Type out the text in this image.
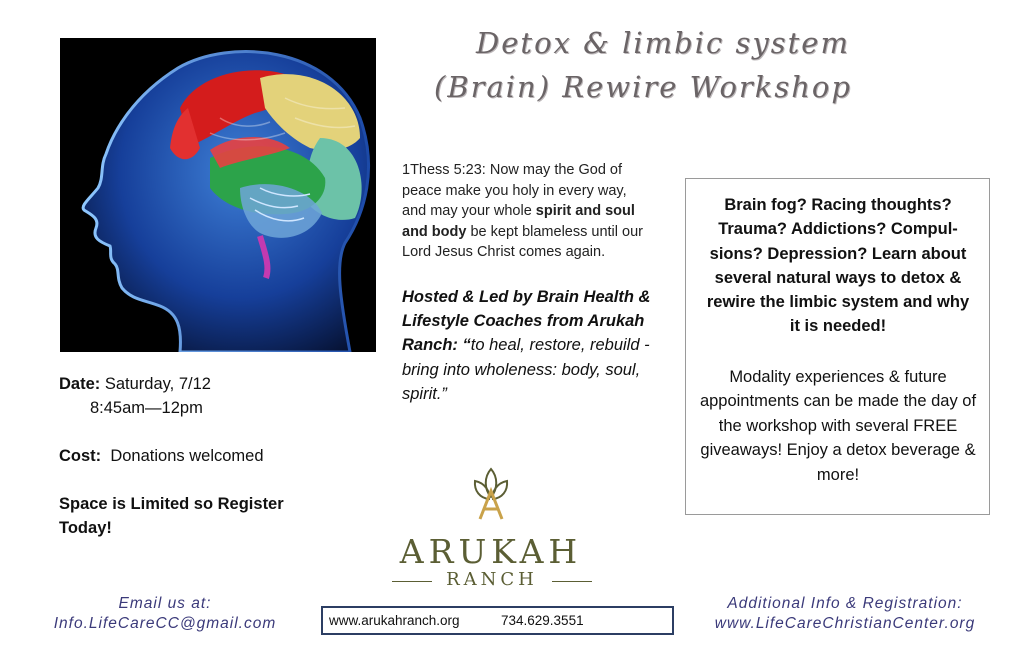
Detox & limbic system
(Brain) Rewire Workshop
1Thess 5:23: Now may the God of peace make you holy in every way, and may your whole spirit and soul and body be kept blameless until our Lord Jesus Christ comes again.
Hosted & Led by Brain Health & Lifestyle Coaches from Arukah Ranch: “to heal, restore, rebuild - bring into wholeness: body, soul, spirit.”
Brain fog? Racing thoughts? Trauma? Addictions? Compul-sions? Depression? Learn about several natural ways to detox & rewire the limbic system and why it is needed!
Modality experiences & future appointments can be made the day of the workshop with several FREE giveaways! Enjoy a detox beverage & more!
Date: Saturday, 7/12
8:45am—12pm
Cost:  Donations welcomed
Space is Limited so Register Today!
ARUKAH
RANCH
Email us at:
Info.LifeCareCC@gmail.com	www.arukahranch.org	734.629.3551
Additional Info & Registration:
www.LifeCareChristianCenter.org
